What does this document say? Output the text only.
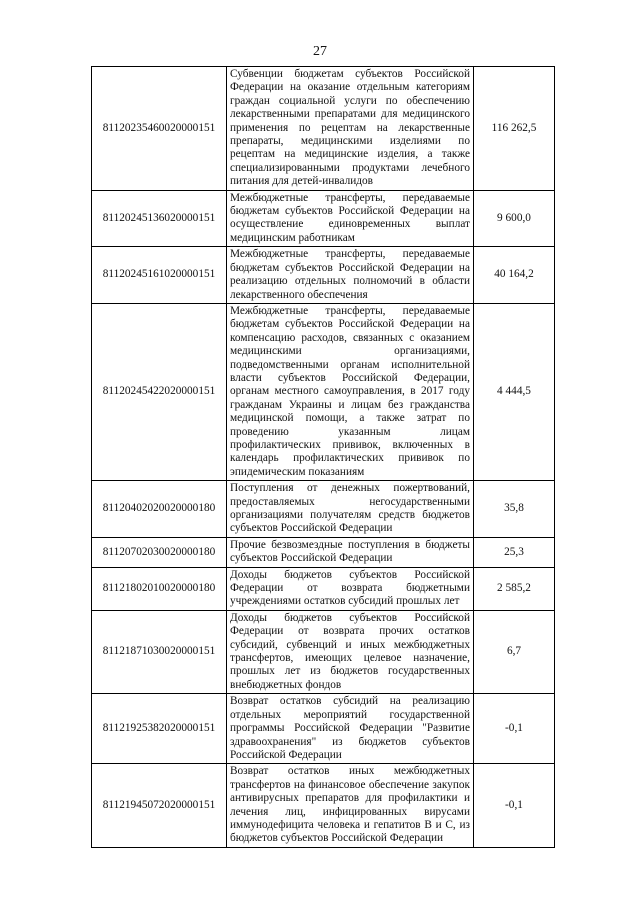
27
81120235460020000151	Субвенции бюджетам субъектов Российской Федерации на оказание отдельным категориям граждан социальной услуги по обеспечению лекарственными препаратами для медицинского применения по рецептам на лекарственные препараты, медицинскими изделиями по рецептам на медицинские изделия, а также специализированными продуктами лечебного питания для детей-инвалидов	116 262,5
81120245136020000151	Межбюджетные трансферты, передаваемые бюджетам субъектов Российской Федерации на осуществление единовременных выплат медицинским работникам	9 600,0
81120245161020000151	Межбюджетные трансферты, передаваемые бюджетам субъектов Российской Федерации на реализацию отдельных полномочий в области лекарственного обеспечения	40 164,2
81120245422020000151	Межбюджетные трансферты, передаваемые бюджетам субъектов Российской Федерации на компенсацию расходов, связанных с оказанием медицинскими организациями, подведомственными органам исполнительной власти субъектов Российской Федерации, органам местного самоуправления, в 2017 году гражданам Украины и лицам без гражданства медицинской помощи, а также затрат по проведению указанным лицам профилактических прививок, включенных в календарь профилактических прививок по эпидемическим показаниям	4 444,5
81120402020020000180	Поступления от денежных пожертвований, предоставляемых негосударственными организациями получателям средств бюджетов субъектов Российской Федерации	35,8
81120702030020000180	Прочие безвозмездные поступления в бюджеты субъектов Российской Федерации	25,3
81121802010020000180	Доходы бюджетов субъектов Российской Федерации от возврата бюджетными учреждениями остатков субсидий прошлых лет	2 585,2
81121871030020000151	Доходы бюджетов субъектов Российской Федерации от возврата прочих остатков субсидий, субвенций и иных межбюджетных трансфертов, имеющих целевое назначение, прошлых лет из бюджетов государственных внебюджетных фондов	6,7
81121925382020000151	Возврат остатков субсидий на реализацию отдельных мероприятий государственной программы Российской Федерации "Развитие здравоохранения" из бюджетов субъектов Российской Федерации	-0,1
81121945072020000151	Возврат остатков иных межбюджетных трансфертов на финансовое обеспечение закупок антивирусных препаратов для профилактики и лечения лиц, инфицированных вирусами иммунодефицита человека и гепатитов B и C, из бюджетов субъектов Российской Федерации	-0,1
